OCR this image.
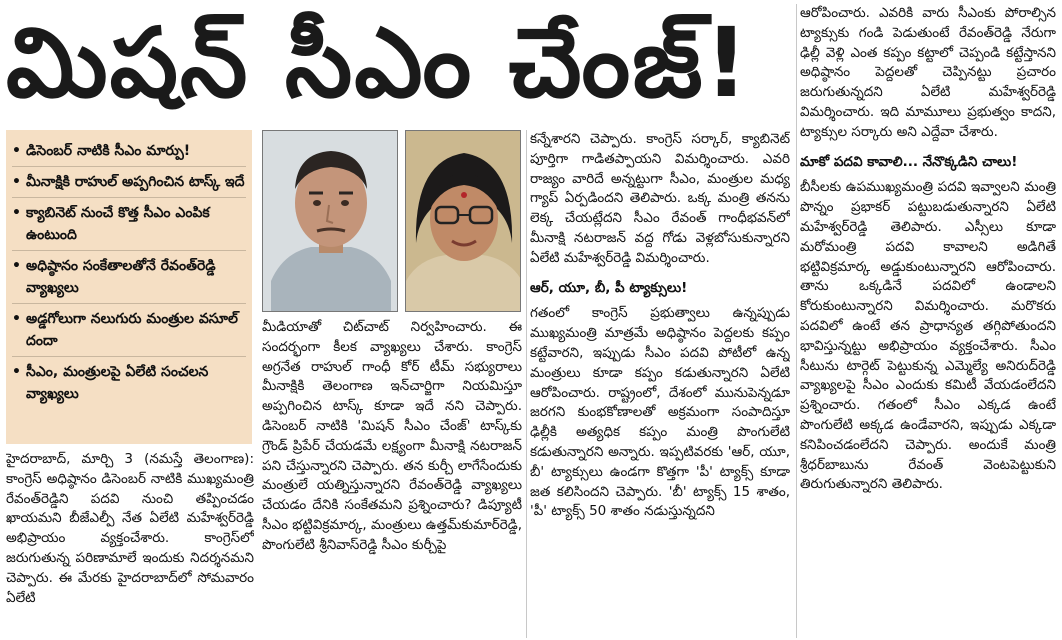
మిషన్ సీఎం చేంజ్!
• డిసెంబర్ నాటికి సీఎం మార్పు!
• మీనాక్షికి రాహుల్ అప్పగించిన టాస్క్ ఇదే
• క్యాబినెట్ నుంచే కొత్త సీఎం ఎంపిక ఉంటుంది
• అధిష్ఠానం సంకేతాలతోనే రేవంత్‌రెడ్డి వ్యాఖ్యలు
• అడ్డగోలుగా నలుగురు మంత్రుల వసూల్ దందా
• సీఎం, మంత్రులపై ఏలేటి సంచలన వ్యాఖ్యలు

హైదరాబాద్, మార్చి 3 (నమస్తే తెలంగాణ): కాంగ్రెస్ అధిష్ఠానం డిసెంబర్ నాటికి ముఖ్యమంత్రి రేవంత్‌రెడ్డిని పదవి నుంచి తప్పించడం ఖాయమని బీజేఎల్పీ నేత ఏలేటి మహేశ్వర్‌రెడ్డి అభిప్రాయం వ్యక్తంచేశారు. కాంగ్రెస్‌లో జరుగుతున్న పరిణామాలే ఇందుకు నిదర్శనమని చెప్పారు. ఈ మేరకు హైదరాబాద్‌లో సోమవారం ఏలేటి

మీడియాతో చిట్‌చాట్ నిర్వహించారు. ఈ సందర్భంగా కీలక వ్యాఖ్యలు చేశారు. కాంగ్రెస్ అగ్రనేత రాహుల్ గాంధీ కోర్ టీమ్ సభ్యురాలు మీనాక్షికి తెలంగాణ ఇన్‌చార్జిగా నియమిస్తూ అప్పగించిన టాస్క్ కూడా ఇదే నని చెప్పారు. డిసెంబర్ నాటికి 'మిషన్ సీఎం చేంజ్' టాస్క్‌కు గ్రౌండ్ ప్రిపేర్ చేయడమే లక్ష్యంగా మీనాక్షి నటరాజన్ పని చేస్తున్నారని చెప్పారు. తన కుర్చీ లాగేసేందుకు మంత్రులే యత్నిస్తున్నారని రేవంత్‌రెడ్డి వ్యాఖ్యలు చేయడం దేనికి సంకేతమని ప్రశ్నించారు? డిప్యూటీ సీఎం భట్టివిక్రమార్క, మంత్రులు ఉత్తమ్‌కుమార్‌రెడ్డి, పొంగులేటి శ్రీనివాస్‌రెడ్డి సీఎం కుర్చీపై

కన్నేశారని చెప్పారు. కాంగ్రెస్ సర్కార్, క్యాబినెట్ పూర్తిగా గాడితప్పాయని విమర్శించారు. ఎవరి రాజ్యం వారిదే అన్నట్టుగా సీఎం, మంత్రుల మధ్య గ్యాప్ ఏర్పడిందని తెలిపారు. ఒక్క మంత్రి తనను లెక్క చేయట్లేదని సీఎం రేవంత్ గాంధీభవన్‌లో మీనాక్షి నటరాజన్ వద్ద గోడు వెళ్లబోసుకున్నారని ఏలేటి మహేశ్వర్‌రెడ్డి విమర్శించారు.

ఆర్, యూ, బీ, పీ ట్యాక్సులు!

గతంలో కాంగ్రెస్ ప్రభుత్వాలు ఉన్నప్పుడు ముఖ్యమంత్రి మాత్రమే అధిష్ఠానం పెద్దలకు కప్పం కట్టేవారని, ఇప్పుడు సీఎం పదవి పోటీలో ఉన్న మంత్రులు కూడా కప్పం కడుతున్నారని ఏలేటి ఆరోపించారు. రాష్ట్రంలో, దేశంలో మునుపెన్నడూ జరగని కుంభకోణాలతో అక్రమంగా సంపాదిస్తూ ఢిల్లీకి అత్యధిక కప్పం మంత్రి పొంగులేటి కడుతున్నారని అన్నారు. ఇప్పటివరకు 'ఆర్, యూ, బీ' ట్యాక్సులు ఉండగా కొత్తగా 'పీ' ట్యాక్స్ కూడా జత కలిసిందని చెప్పారు. 'బీ' ట్యాక్స్ 15 శాతం, 'పీ' ట్యాక్స్ 50 శాతం నడుస్తున్నదని

ఆరోపించారు. ఎవరికి వారు సీఎంకు పోరాల్సిన ట్యాక్సుకు గండి పెడుతుంటే రేవంత్‌రెడ్డి నేరుగా ఢిల్లీ వెళ్లి ఎంత కప్పం కట్టాలో చెప్పండి కట్టేస్తానని అధిష్ఠానం పెద్దలతో చెప్పినట్టు ప్రచారం జరుగుతున్నదని ఏలేటి మహేశ్వర్‌రెడ్డి విమర్శించారు. ఇది మామూలు ప్రభుత్వం కాదని, ట్యాక్సుల సర్కారు అని ఎద్దేవా చేశారు.

మాకో పదవి కావాలి... నేనొక్కడిని చాలు!

బీసీలకు ఉపముఖ్యమంత్రి పదవి ఇవ్వాలని మంత్రి పొన్నం ప్రభాకర్ పట్టుబడుతున్నారని ఏలేటి మహేశ్వర్‌రెడ్డి తెలిపారు. ఎస్సీలు కూడా మరోమంత్రి పదవి కావాలని అడిగితే భట్టివిక్రమార్క అడ్డుకుంటున్నారని ఆరోపించారు. తాను ఒక్కడినే పదవిలో ఉండాలని కోరుకుంటున్నారని విమర్శించారు. మరొకరు పదవిలో ఉంటే తన ప్రాధాన్యత తగ్గిపోతుందని భావిస్తున్నట్టు అభిప్రాయం వ్యక్తంచేశారు. సీఎం సీటును టార్గెట్ పెట్టుకున్న ఎమ్మెల్యే అనిరుద్‌రెడ్డి వ్యాఖ్యలపై సీఎం ఎందుకు కమిటీ వేయడంలేదని ప్రశ్నించారు. గతంలో సీఎం ఎక్కడ ఉంటే పొంగులేటి అక్కడ ఉండేవారని, ఇప్పుడు ఎక్కడా కనిపించడంలేదని చెప్పారు. అందుకే మంత్రి శ్రీధర్‌బాబును రేవంత్ వెంటపెట్టుకుని తిరుగుతున్నారని తెలిపారు.
